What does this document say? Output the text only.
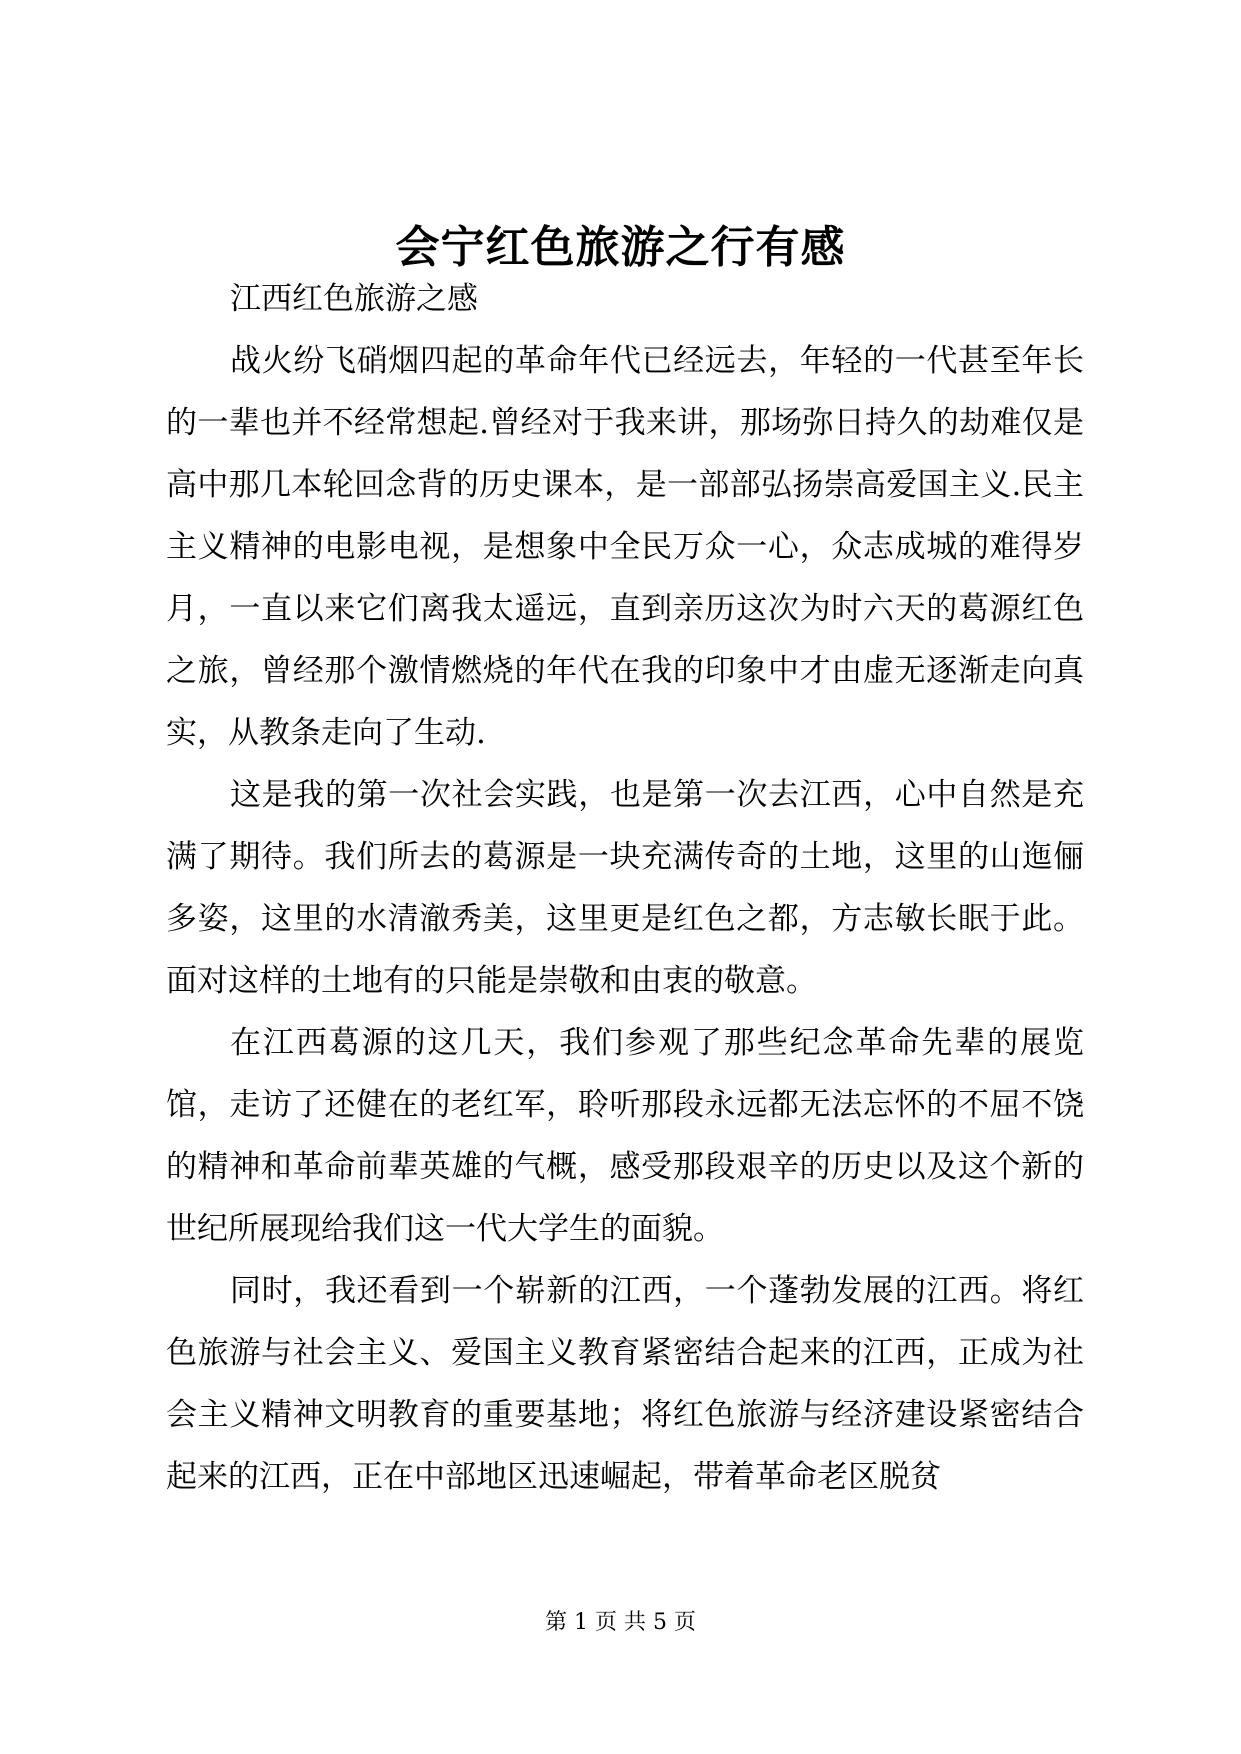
会宁红色旅游之行有感

江西红色旅游之感

战火纷飞硝烟四起的革命年代已经远去，年轻的一代甚至年长的一辈也并不经常想起.曾经对于我来讲，那场弥日持久的劫难仅是高中那几本轮回念背的历史课本，是一部部弘扬崇高爱国主义.民主主义精神的电影电视，是想象中全民万众一心，众志成城的难得岁月，一直以来它们离我太遥远，直到亲历这次为时六天的葛源红色之旅，曾经那个激情燃烧的年代在我的印象中才由虚无逐渐走向真实，从教条走向了生动.

这是我的第一次社会实践，也是第一次去江西，心中自然是充满了期待。我们所去的葛源是一块充满传奇的土地，这里的山迤俪多姿，这里的水清澈秀美，这里更是红色之都，方志敏长眠于此。面对这样的土地有的只能是崇敬和由衷的敬意。

在江西葛源的这几天，我们参观了那些纪念革命先辈的展览馆，走访了还健在的老红军，聆听那段永远都无法忘怀的不屈不饶的精神和革命前辈英雄的气概，感受那段艰辛的历史以及这个新的世纪所展现给我们这一代大学生的面貌。

同时，我还看到一个崭新的江西，一个蓬勃发展的江西。将红色旅游与社会主义、爱国主义教育紧密结合起来的江西，正成为社会主义精神文明教育的重要基地；将红色旅游与经济建设紧密结合起来的江西，正在中部地区迅速崛起，带着革命老区脱贫

第 1 页 共 5 页
